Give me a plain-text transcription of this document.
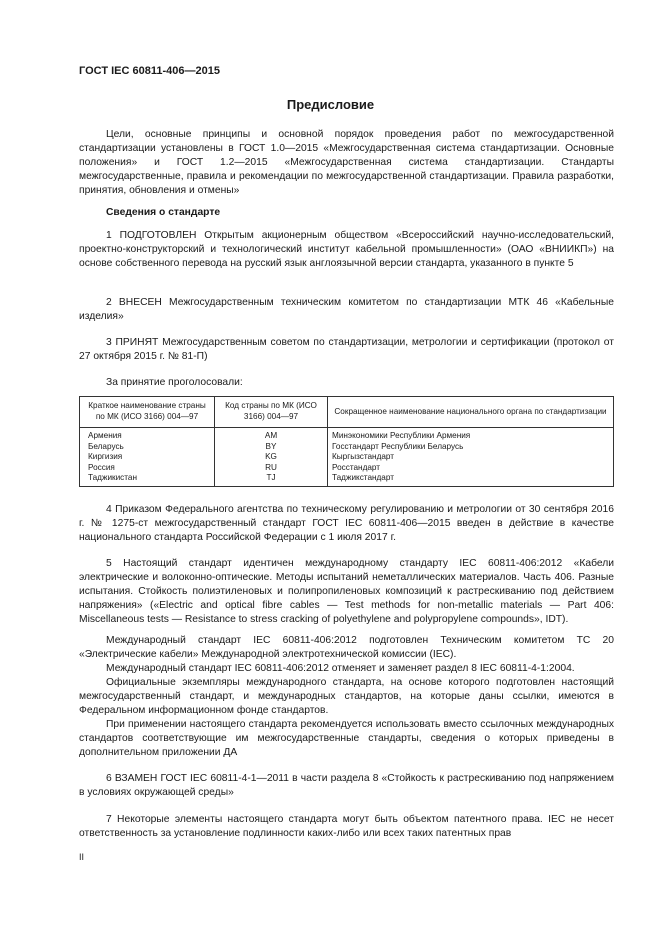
ГОСТ IEC 60811-406—2015
Предисловие

Цели, основные принципы и основной порядок проведения работ по межгосударственной стандартизации установлены в ГОСТ 1.0—2015 «Межгосударственная система стандартизации. Основные положения» и ГОСТ 1.2—2015 «Межгосударственная система стандартизации. Стандарты межгосударственные, правила и рекомендации по межгосударственной стандартизации. Правила разработки, принятия, обновления и отмены»

Сведения о стандарте

1 ПОДГОТОВЛЕН Открытым акционерным обществом «Всероссийский научно-исследовательский, проектно-конструкторский и технологический институт кабельной промышленности» (ОАО «ВНИИКП») на основе собственного перевода на русский язык англоязычной версии стандарта, указанного в пункте 5

2 ВНЕСЕН Межгосударственным техническим комитетом по стандартизации МТК 46 «Кабельные изделия»

3 ПРИНЯТ Межгосударственным советом по стандартизации, метрологии и сертификации (протокол от 27 октября 2015 г. № 81-П)

За принятие проголосовали:

Краткое наименование страны по МК (ИСО 3166) 004—97	Код страны по МК (ИСО 3166) 004—97	Сокращенное наименование национального органа по стандартизации
Армения	AM	Минэкономики Республики Армения
Беларусь	BY	Госстандарт Республики Беларусь
Киргизия	KG	Кыргызстандарт
Россия	RU	Росстандарт
Таджикистан	TJ	Таджикстандарт

4 Приказом Федерального агентства по техническому регулированию и метрологии от 30 сентября 2016 г. № 1275-ст межгосударственный стандарт ГОСТ IEC 60811-406—2015 введен в действие в качестве национального стандарта Российской Федерации с 1 июля 2017 г.

5 Настоящий стандарт идентичен международному стандарту IEC 60811-406:2012 «Кабели электрические и волоконно-оптические. Методы испытаний неметаллических материалов. Часть 406. Разные испытания. Стойкость полиэтиленовых и полипропиленовых композиций к растрескиванию под действием напряжения» («Electric and optical fibre cables — Test methods for non-metallic materials — Part 406: Miscellaneous tests — Resistance to stress cracking of polyethylene and polypropylene compounds», IDT).

Международный стандарт IEC 60811-406:2012 подготовлен Техническим комитетом ТС 20 «Электрические кабели» Международной электротехнической комиссии (IEC).

Международный стандарт IEC 60811-406:2012 отменяет и заменяет раздел 8 IEC 60811-4-1:2004.

Официальные экземпляры международного стандарта, на основе которого подготовлен настоящий межгосударственный стандарт, и международных стандартов, на которые даны ссылки, имеются в Федеральном информационном фонде стандартов.

При применении настоящего стандарта рекомендуется использовать вместо ссылочных международных стандартов соответствующие им межгосударственные стандарты, сведения о которых приведены в дополнительном приложении ДА

6 ВЗАМЕН ГОСТ IEC 60811-4-1—2011 в части раздела 8 «Стойкость к растрескиванию под напряжением в условиях окружающей среды»

7 Некоторые элементы настоящего стандарта могут быть объектом патентного права. IEC не несет ответственность за установление подлинности каких-либо или всех таких патентных прав

II
